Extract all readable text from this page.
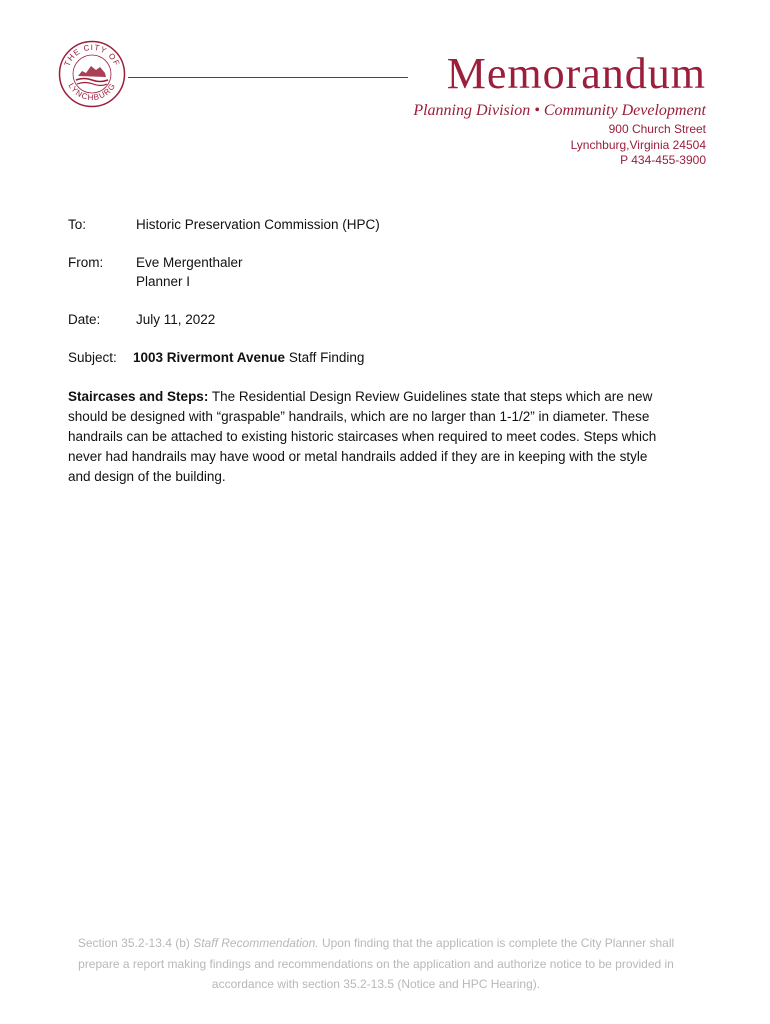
THE CITY OF
LYNCHBURG	Memorandum
Planning Division • Community Development
900 Church Street
Lynchburg,Virginia 24504
P 434-455-3900
To:	Historic Preservation Commission (HPC)
From: Eve Mergenthaler
Planner I
Date:	July 11, 2022
Subject: 1003 Rivermont Avenue Staff Finding
Staircases and Steps: The Residential Design Review Guidelines state that steps which are new should be designed with “graspable” handrails, which are no larger than 1-1/2” in diameter. These handrails can be attached to existing historic staircases when required to meet codes. Steps which never had handrails may have wood or metal handrails added if they are in keeping with the style and design of the building.
Section 35.2-13.4 (b) Staff Recommendation. Upon finding that the application is complete the City Planner shall prepare a report making findings and recommendations on the application and authorize notice to be provided in accordance with section 35.2-13.5 (Notice and HPC Hearing).
